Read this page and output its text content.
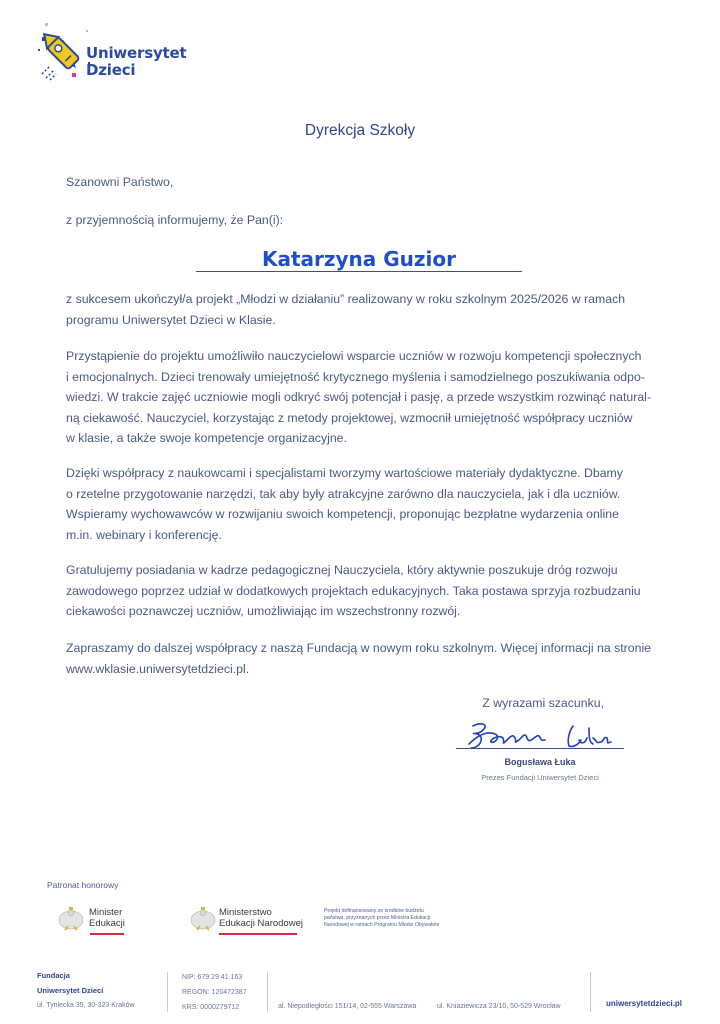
Uniwersytet
Dzieci
Dyrekcja Szkoły
Szanowni Państwo,
z przyjemnością informujemy, że Pan(i):
Katarzyna Guzior
z sukcesem ukończył/a projekt „Młodzi w działaniu” realizowany w roku szkolnym 2025/2026 w ramach
programu Uniwersytet Dzieci w Klasie.
Przystąpienie do projektu umożliwiło nauczycielowi wsparcie uczniów w rozwoju kompetencji społecznych
i emocjonalnych. Dzieci trenowały umiejętność krytycznego myślenia i samodzielnego poszukiwania odpo-
wiedzi. W trakcie zajęć uczniowie mogli odkryć swój potencjał i pasję, a przede wszystkim rozwinąć natural-
ną ciekawość. Nauczyciel, korzystając z metody projektowej, wzmocnił umiejętność współpracy uczniów
w klasie, a także swoje kompetencje organizacyjne.
Dzięki współpracy z naukowcami i specjalistami tworzymy wartościowe materiały dydaktyczne. Dbamy
o rzetelne przygotowanie narzędzi, tak aby były atrakcyjne zarówno dla nauczyciela, jak i dla uczniów.
Wspieramy wychowawców w rozwijaniu swoich kompetencji, proponując bezpłatne wydarzenia online
m.in. webinary i konferencję.
Gratulujemy posiadania w kadrze pedagogicznej Nauczyciela, który aktywnie poszukuje dróg rozwoju
zawodowego poprzez udział w dodatkowych projektach edukacyjnych. Taka postawa sprzyja rozbudzaniu
ciekawości poznawczej uczniów, umożliwiając im wszechstronny rozwój.
Zapraszamy do dalszej współpracy z naszą Fundacją w nowym roku szkolnym. Więcej informacji na stronie
www.wklasie.uniwersytetdzieci.pl.
Z wyrazami szacunku,
Bogusława Łuka
Prezes Fundacji Uniwersytet Dzieci
Patronat honorowy
Minister
Edukacji
Ministerstwo
Edukacji Narodowej
Projekt dofinansowany ze środków budżetu
państwa, przyznanych przez Ministra Edukacji
Narodowej w ramach Programu Młodzi Obywatele
Fundacja
Uniwersytet Dzieci
ul. Tyniecka 35, 30-323 Kraków
NIP: 679 29 41 163
REGON: 120472387
KRS: 0000279712	al. Niepodległości 151/14, 02-555 Warszawa	ul. Kniaziewicza 23/10, 50-529 Wrocław	uniwersytetdzieci.pl
